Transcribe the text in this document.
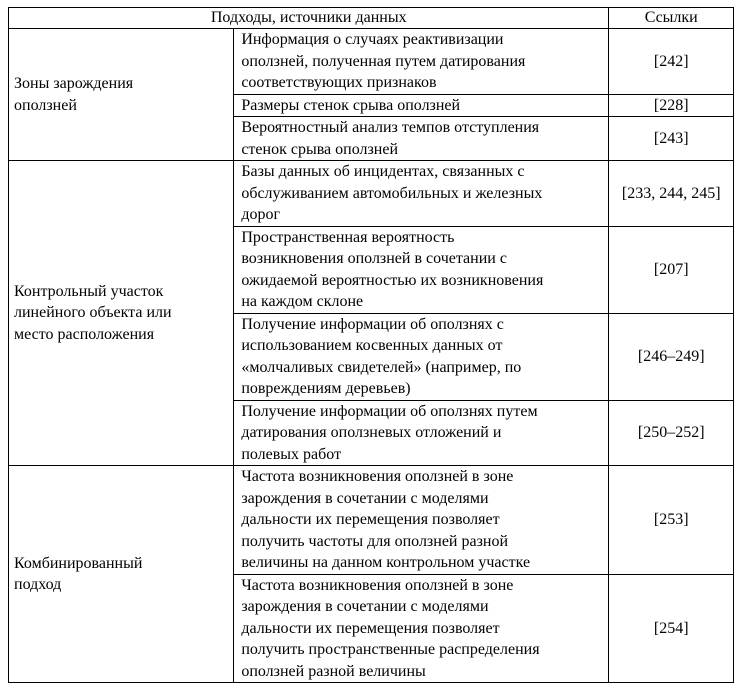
Подходы, источники данных		Ссылки

Зоны зарождения
оползней	Информация о случаях реактивизации
оползней, полученная путем датирования
соответствующих признаков	[242]

	Размеры стенок срыва оползней	[228]

	Вероятностный анализ темпов отступления
стенок срыва оползней	[243]

Контрольный участок
линейного объекта или
место расположения	Базы данных об инцидентах, связанных с
обслуживанием автомобильных и железных
дорог	[233, 244, 245]

	Пространственная вероятность
возникновения оползней в сочетании с
ожидаемой вероятностью их возникновения
на каждом склоне	[207]

	Получение информации об оползнях с
использованием косвенных данных от
«молчаливых свидетелей» (например, по
повреждениям деревьев)	[246–249]

	Получение информации об оползнях путем
датирования оползневых отложений и
полевых работ	[250–252]

Комбинированный
подход	Частота возникновения оползней в зоне
зарождения в сочетании с моделями
дальности их перемещения позволяет
получить частоты для оползней разной
величины на данном контрольном участке	[253]

	Частота возникновения оползней в зоне
зарождения в сочетании с моделями
дальности их перемещения позволяет
получить пространственные распределения
оползней разной величины	[254]
